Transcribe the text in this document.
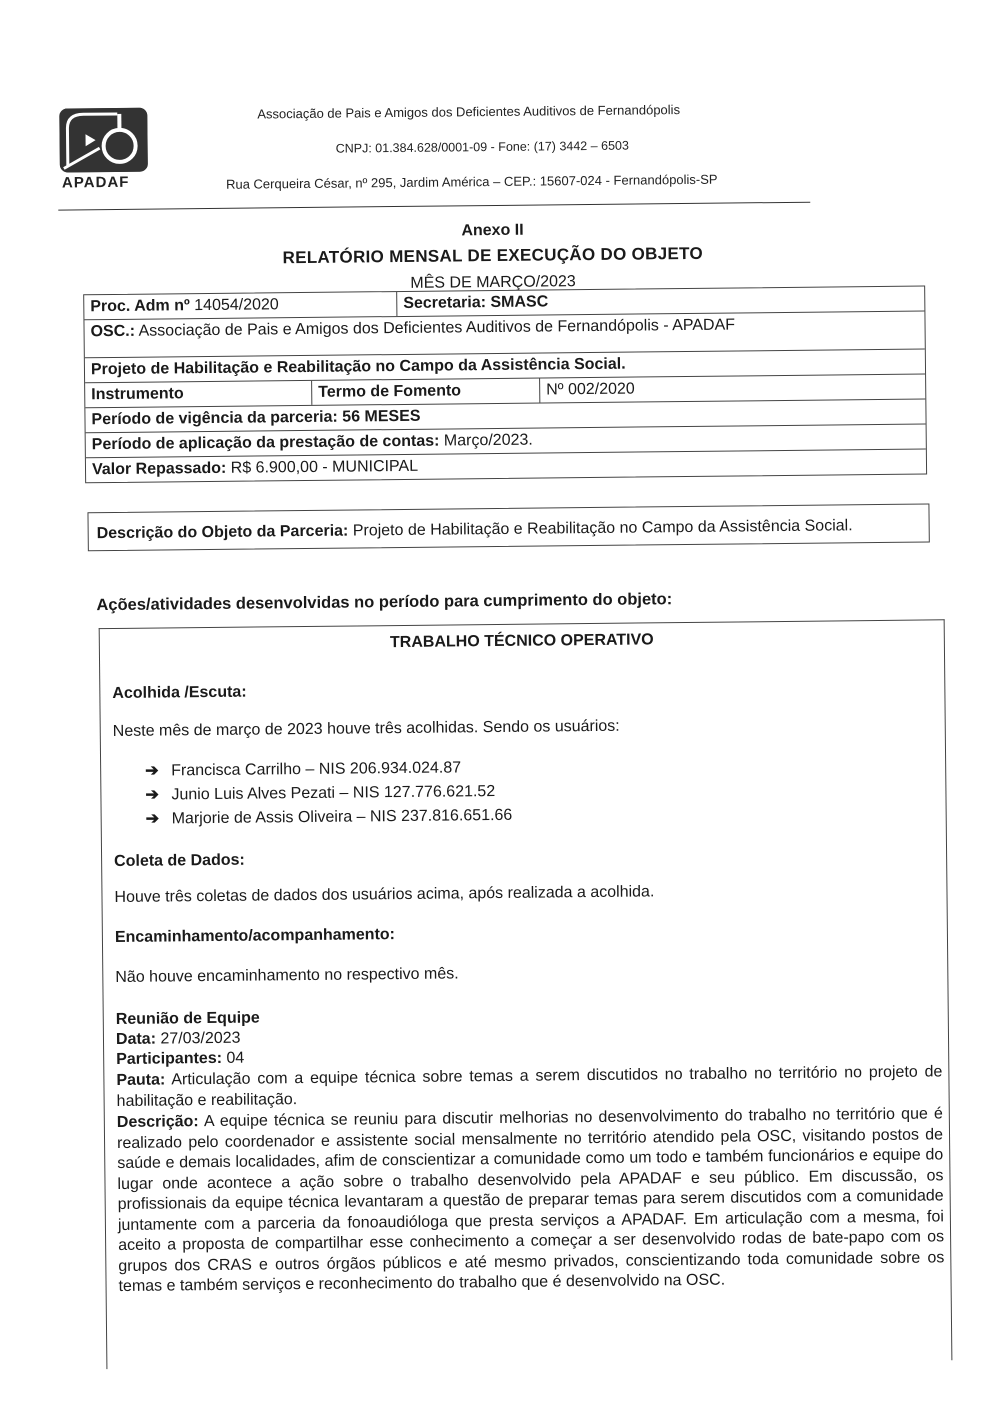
APADAF
Associação de Pais e Amigos dos Deficientes Auditivos de Fernandópolis
CNPJ: 01.384.628/0001-09 - Fone: (17) 3442 – 6503
Rua Cerqueira César, nº 295, Jardim América – CEP.: 15607-024 - Fernandópolis-SP
Anexo II
RELATÓRIO MENSAL DE EXECUÇÃO DO OBJETO
MÊS DE MARÇO/2023
Proc. Adm nº 14054/2020	Secretaria: SMASC
OSC.: Associação de Pais e Amigos dos Deficientes Auditivos de Fernandópolis - APADAF
Projeto de Habilitação e Reabilitação no Campo da Assistência Social.
Instrumento	Termo de Fomento	Nº 002/2020
Período de vigência da parceria: 56 MESES
Período de aplicação da prestação de contas: Março/2023.
Valor Repassado: R$ 6.900,00 - MUNICIPAL
Descrição do Objeto da Parceria: Projeto de Habilitação e Reabilitação no Campo da Assistência Social.
Ações/atividades desenvolvidas no período para cumprimento do objeto:
TRABALHO TÉCNICO OPERATIVO
Acolhida /Escuta:
Neste mês de março de 2023 houve três acolhidas. Sendo os usuários:
➔ Francisca Carrilho – NIS 206.934.024.87
➔ Junio Luis Alves Pezati – NIS 127.776.621.52
➔ Marjorie de Assis Oliveira – NIS 237.816.651.66
Coleta de Dados:
Houve três coletas de dados dos usuários acima, após realizada a acolhida.
Encaminhamento/acompanhamento:
Não houve encaminhamento no respectivo mês.
Reunião de Equipe
Data: 27/03/2023
Participantes: 04
Pauta: Articulação com a equipe técnica sobre temas a serem discutidos no trabalho no território no projeto de habilitação e reabilitação.
Descrição: A equipe técnica se reuniu para discutir melhorias no desenvolvimento do trabalho no território que é realizado pelo coordenador e assistente social mensalmente no território atendido pela OSC, visitando postos de saúde e demais localidades, afim de conscientizar a comunidade como um todo e também funcionários e equipe do lugar onde acontece a ação sobre o trabalho desenvolvido pela APADAF e seu público. Em discussão, os profissionais da equipe técnica levantaram a questão de preparar temas para serem discutidos com a comunidade juntamente com a parceria da fonoaudióloga que presta serviços a APADAF. Em articulação com a mesma, foi aceito a proposta de compartilhar esse conhecimento a começar a ser desenvolvido rodas de bate-papo com os grupos dos CRAS e outros órgãos públicos e até mesmo privados, conscientizando toda comunidade sobre os temas e também serviços e reconhecimento do trabalho que é desenvolvido na OSC.
